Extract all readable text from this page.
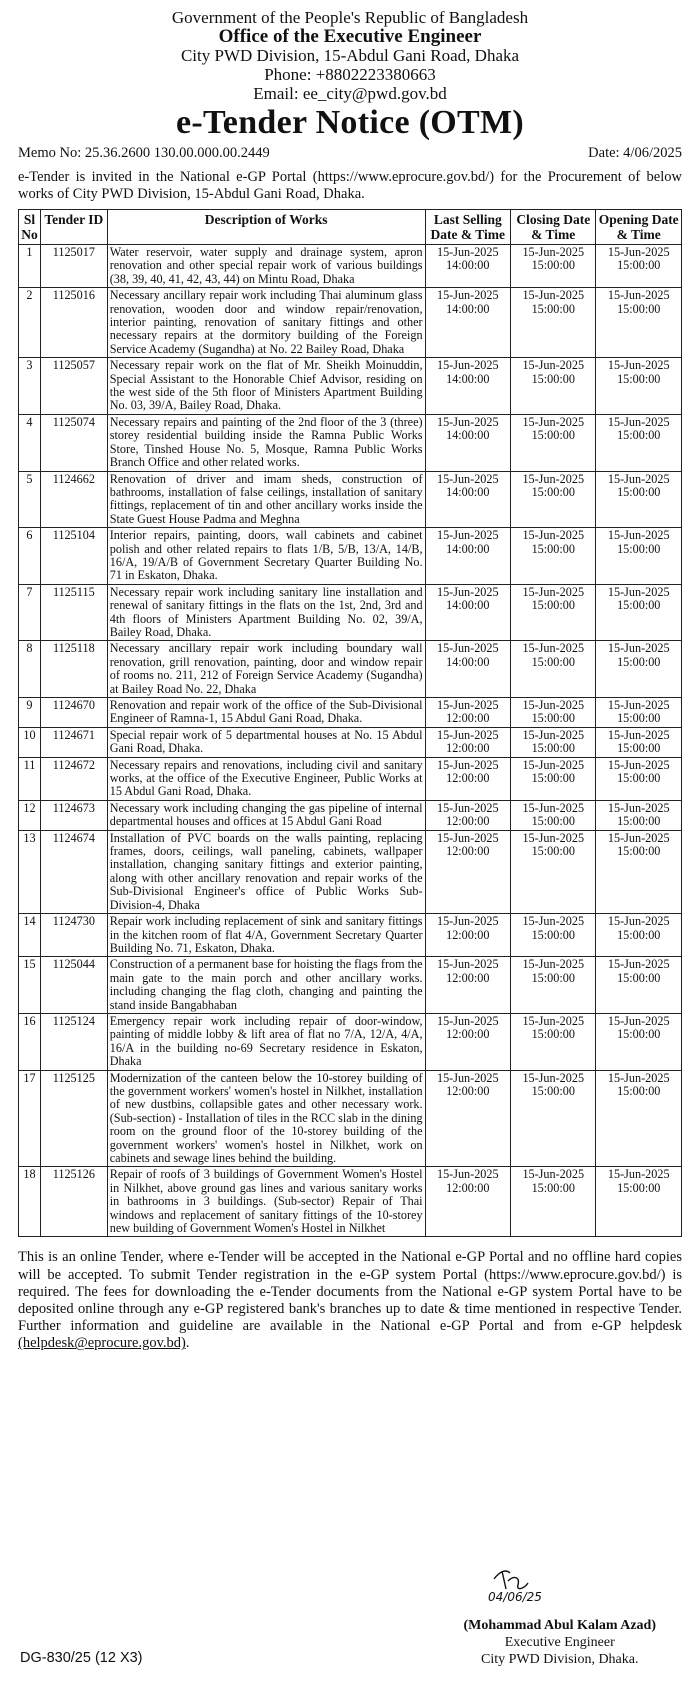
Government of the People's Republic of Bangladesh
Office of the Executive Engineer
City PWD Division, 15-Abdul Gani Road, Dhaka
Phone: +8802223380663
Email: ee_city@pwd.gov.bd
e-Tender Notice (OTM)
Memo No: 25.36.2600 130.00.000.00.2449	Date: 4/06/2025
e-Tender is invited in the National e-GP Portal (https://www.eprocure.gov.bd/) for the Procurement of below works of City PWD Division, 15-Abdul Gani Road, Dhaka.
Sl No	Tender ID	Description of Works	Last Selling Date & Time	Closing Date & Time	Opening Date & Time
1	1125017	Water reservoir, water supply and drainage system, apron renovation and other special repair work of various buildings (38, 39, 40, 41, 42, 43, 44) on Mintu Road, Dhaka	15-Jun-2025 14:00:00	15-Jun-2025 15:00:00	15-Jun-2025 15:00:00
2	1125016	Necessary ancillary repair work including Thai aluminum glass renovation, wooden door and window repair/renovation, interior painting, renovation of sanitary fittings and other necessary repairs at the dormitory building of the Foreign Service Academy (Sugandha) at No. 22 Bailey Road, Dhaka	15-Jun-2025 14:00:00	15-Jun-2025 15:00:00	15-Jun-2025 15:00:00
3	1125057	Necessary repair work on the flat of Mr. Sheikh Moinuddin, Special Assistant to the Honorable Chief Advisor, residing on the west side of the 5th floor of Ministers Apartment Building No. 03, 39/A, Bailey Road, Dhaka.	15-Jun-2025 14:00:00	15-Jun-2025 15:00:00	15-Jun-2025 15:00:00
4	1125074	Necessary repairs and painting of the 2nd floor of the 3 (three) storey residential building inside the Ramna Public Works Store, Tinshed House No. 5, Mosque, Ramna Public Works Branch Office and other related works.	15-Jun-2025 14:00:00	15-Jun-2025 15:00:00	15-Jun-2025 15:00:00
5	1124662	Renovation of driver and imam sheds, construction of bathrooms, installation of false ceilings, installation of sanitary fittings, replacement of tin and other ancillary works inside the State Guest House Padma and Meghna	15-Jun-2025 14:00:00	15-Jun-2025 15:00:00	15-Jun-2025 15:00:00
6	1125104	Interior repairs, painting, doors, wall cabinets and cabinet polish and other related repairs to flats 1/B, 5/B, 13/A, 14/B, 16/A, 19/A/B of Government Secretary Quarter Building No. 71 in Eskaton, Dhaka.	15-Jun-2025 14:00:00	15-Jun-2025 15:00:00	15-Jun-2025 15:00:00
7	1125115	Necessary repair work including sanitary line installation and renewal of sanitary fittings in the flats on the 1st, 2nd, 3rd and 4th floors of Ministers Apartment Building No. 02, 39/A, Bailey Road, Dhaka.	15-Jun-2025 14:00:00	15-Jun-2025 15:00:00	15-Jun-2025 15:00:00
8	1125118	Necessary ancillary repair work including boundary wall renovation, grill renovation, painting, door and window repair of rooms no. 211, 212 of Foreign Service Academy (Sugandha) at Bailey Road No. 22, Dhaka	15-Jun-2025 14:00:00	15-Jun-2025 15:00:00	15-Jun-2025 15:00:00
9	1124670	Renovation and repair work of the office of the Sub-Divisional Engineer of Ramna-1, 15 Abdul Gani Road, Dhaka.	15-Jun-2025 12:00:00	15-Jun-2025 15:00:00	15-Jun-2025 15:00:00
10	1124671	Special repair work of 5 departmental houses at No. 15 Abdul Gani Road, Dhaka.	15-Jun-2025 12:00:00	15-Jun-2025 15:00:00	15-Jun-2025 15:00:00
11	1124672	Necessary repairs and renovations, including civil and sanitary works, at the office of the Executive Engineer, Public Works at 15 Abdul Gani Road, Dhaka.	15-Jun-2025 12:00:00	15-Jun-2025 15:00:00	15-Jun-2025 15:00:00
12	1124673	Necessary work including changing the gas pipeline of internal departmental houses and offices at 15 Abdul Gani Road	15-Jun-2025 12:00:00	15-Jun-2025 15:00:00	15-Jun-2025 15:00:00
13	1124674	Installation of PVC boards on the walls painting, replacing frames, doors, ceilings, wall paneling, cabinets, wallpaper installation, changing sanitary fittings and exterior painting, along with other ancillary renovation and repair works of the Sub-Divisional Engineer's office of Public Works Sub-Division-4, Dhaka	15-Jun-2025 12:00:00	15-Jun-2025 15:00:00	15-Jun-2025 15:00:00
14	1124730	Repair work including replacement of sink and sanitary fittings in the kitchen room of flat 4/A, Government Secretary Quarter Building No. 71, Eskaton, Dhaka.	15-Jun-2025 12:00:00	15-Jun-2025 15:00:00	15-Jun-2025 15:00:00
15	1125044	Construction of a permanent base for hoisting the flags from the main gate to the main porch and other ancillary works. including changing the flag cloth, changing and painting the stand inside Bangabhaban	15-Jun-2025 12:00:00	15-Jun-2025 15:00:00	15-Jun-2025 15:00:00
16	1125124	Emergency repair work including repair of door-window, painting of middle lobby & lift area of flat no 7/A, 12/A, 4/A, 16/A in the building no-69 Secretary residence in Eskaton, Dhaka	15-Jun-2025 12:00:00	15-Jun-2025 15:00:00	15-Jun-2025 15:00:00
17	1125125	Modernization of the canteen below the 10-storey building of the government workers' women's hostel in Nilkhet, installation of new dustbins, collapsible gates and other necessary work. (Sub-section) - Installation of tiles in the RCC slab in the dining room on the ground floor of the 10-storey building of the government workers' women's hostel in Nilkhet, work on cabinets and sewage lines behind the building.	15-Jun-2025 12:00:00	15-Jun-2025 15:00:00	15-Jun-2025 15:00:00
18	1125126	Repair of roofs of 3 buildings of Government Women's Hostel in Nilkhet, above ground gas lines and various sanitary works in bathrooms in 3 buildings. (Sub-sector) Repair of Thai windows and replacement of sanitary fittings of the 10-storey new building of Government Women's Hostel in Nilkhet	15-Jun-2025 12:00:00	15-Jun-2025 15:00:00	15-Jun-2025 15:00:00
This is an online Tender, where e-Tender will be accepted in the National e-GP Portal and no offline hard copies will be accepted. To submit Tender registration in the e-GP system Portal (https://www.eprocure.gov.bd/) is required. The fees for downloading the e-Tender documents from the National e-GP system Portal have to be deposited online through any e-GP registered bank's branches up to date & time mentioned in respective Tender. Further information and guideline are available in the National e-GP Portal and from e-GP helpdesk (helpdesk@eprocure.gov.bd).
04/06/25
(Mohammad Abul Kalam Azad)
Executive Engineer
City PWD Division, Dhaka.
DG-830/25 (12 X3)
